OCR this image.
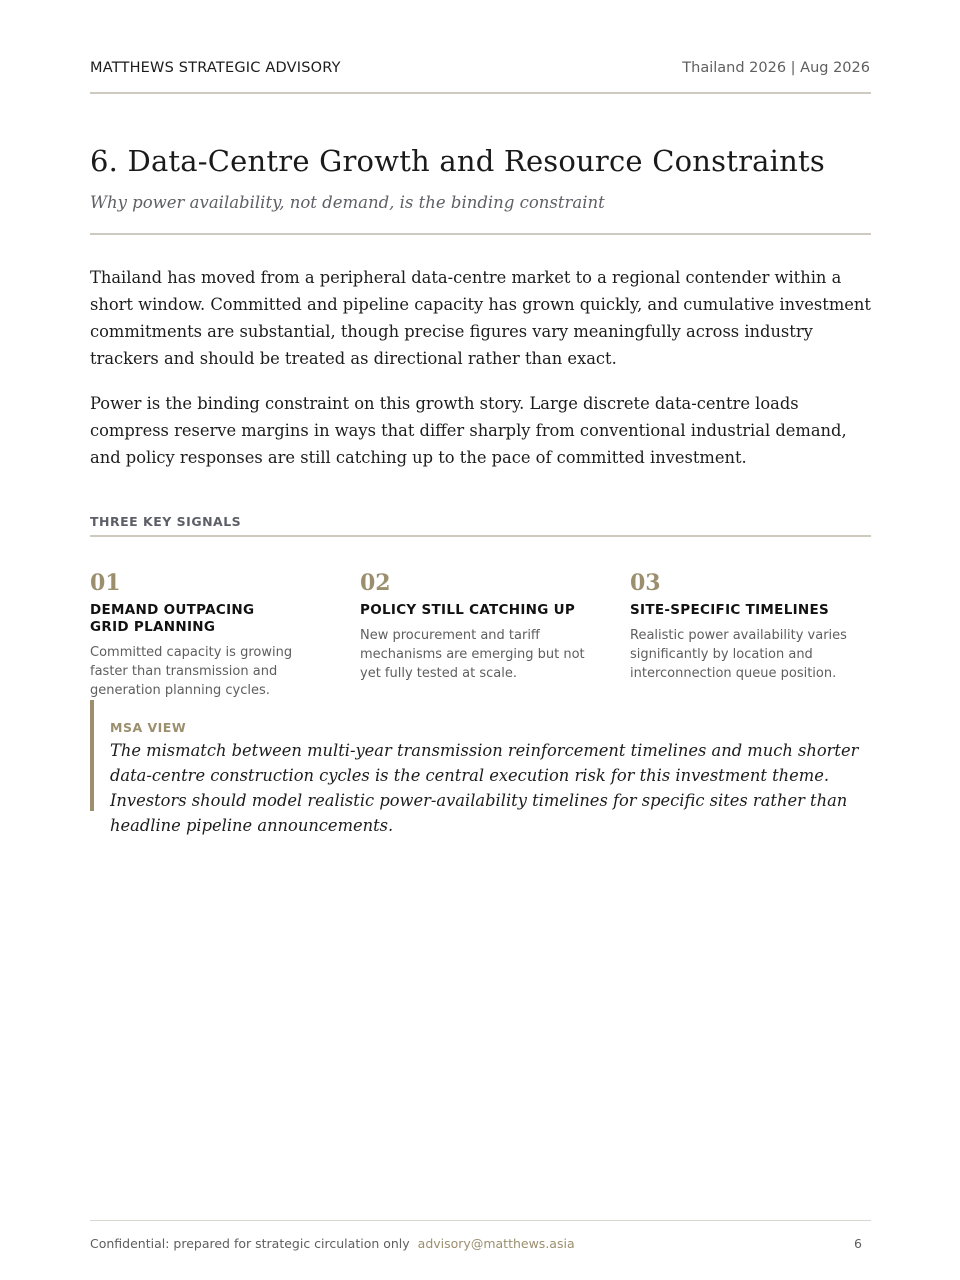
MATTHEWS STRATEGIC ADVISORY	Thailand 2026 | Aug 2026
6. Data-Centre Growth and Resource Constraints

Why power availability, not demand, is the binding constraint

Thailand has moved from a peripheral data-centre market to a regional contender within a short window. Committed and pipeline capacity has grown quickly, and cumulative investment commitments are substantial, though precise figures vary meaningfully across industry trackers and should be treated as directional rather than exact.

Power is the binding constraint on this growth story. Large discrete data-centre loads compress reserve margins in ways that differ sharply from conventional industrial demand, and policy responses are still catching up to the pace of committed investment.

THREE KEY SIGNALS
01
DEMAND OUTPACING GRID PLANNING
Committed capacity is growing faster than transmission and generation planning cycles.
02
POLICY STILL CATCHING UP
New procurement and tariff mechanisms are emerging but not yet fully tested at scale.
03
SITE-SPECIFIC TIMELINES
Realistic power availability varies significantly by location and interconnection queue position.
MSA VIEW

The mismatch between multi-year transmission reinforcement timelines and much shorter data-centre construction cycles is the central execution risk for this investment theme. Investors should model realistic power-availability timelines for specific sites rather than headline pipeline announcements.

Confidential: prepared for strategic circulation only advisory@matthews.asia	6
